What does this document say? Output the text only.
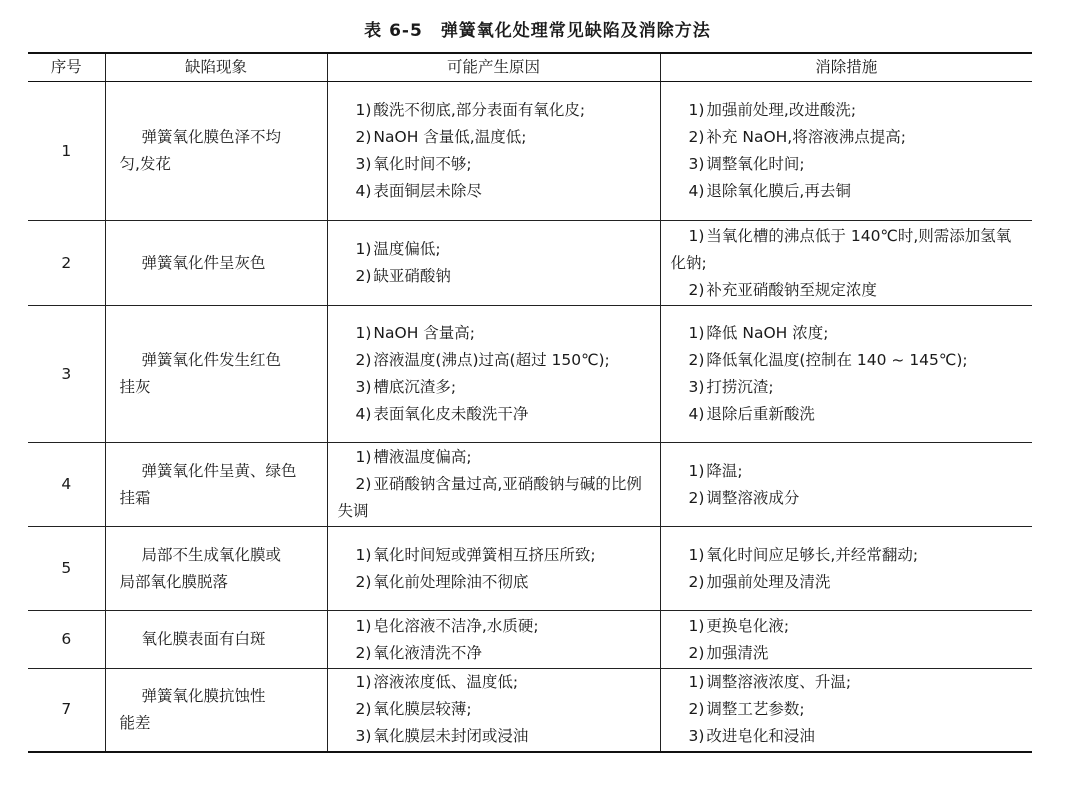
表 6-5 弹簧氧化处理常见缺陷及消除方法
序号	缺陷现象	可能产生原因	消除措施
1	弹簧氧化膜色泽不均
匀,发花	1) 酸洗不彻底,部分表面有氧化皮;
2) NaOH 含量低,温度低;
3) 氧化时间不够;
4) 表面铜层未除尽	1) 加强前处理,改进酸洗;
2) 补充 NaOH,将溶液沸点提高;
3) 调整氧化时间;
4) 退除氧化膜后,再去铜

2	弹簧氧化件呈灰色	1) 温度偏低;
2) 缺亚硝酸钠	1) 当氧化槽的沸点低于 140℃时,则需添加氢氧化钠;
2) 补充亚硝酸钠至规定浓度

3	弹簧氧化件发生红色
挂灰	1) NaOH 含量高;
2) 溶液温度(沸点)过高(超过 150℃);
3) 槽底沉渣多;
4) 表面氧化皮未酸洗干净	1) 降低 NaOH 浓度;
2) 降低氧化温度(控制在 140 ~ 145℃);
3) 打捞沉渣;
4) 退除后重新酸洗

4	弹簧氧化件呈黄、绿色
挂霜	1) 槽液温度偏高;
2) 亚硝酸钠含量过高,亚硝酸钠与碱的比例失调	1) 降温;
2) 调整溶液成分

5	局部不生成氧化膜或
局部氧化膜脱落	1) 氧化时间短或弹簧相互挤压所致;
2) 氧化前处理除油不彻底	1) 氧化时间应足够长,并经常翻动;
2) 加强前处理及清洗

6	氧化膜表面有白斑	1) 皂化溶液不洁净,水质硬;
2) 氧化液清洗不净	1) 更换皂化液;
2) 加强清洗

7	弹簧氧化膜抗蚀性
能差	1) 溶液浓度低、温度低;
2) 氧化膜层较薄;
3) 氧化膜层未封闭或浸油	1) 调整溶液浓度、升温;
2) 调整工艺参数;
3) 改进皂化和浸油
